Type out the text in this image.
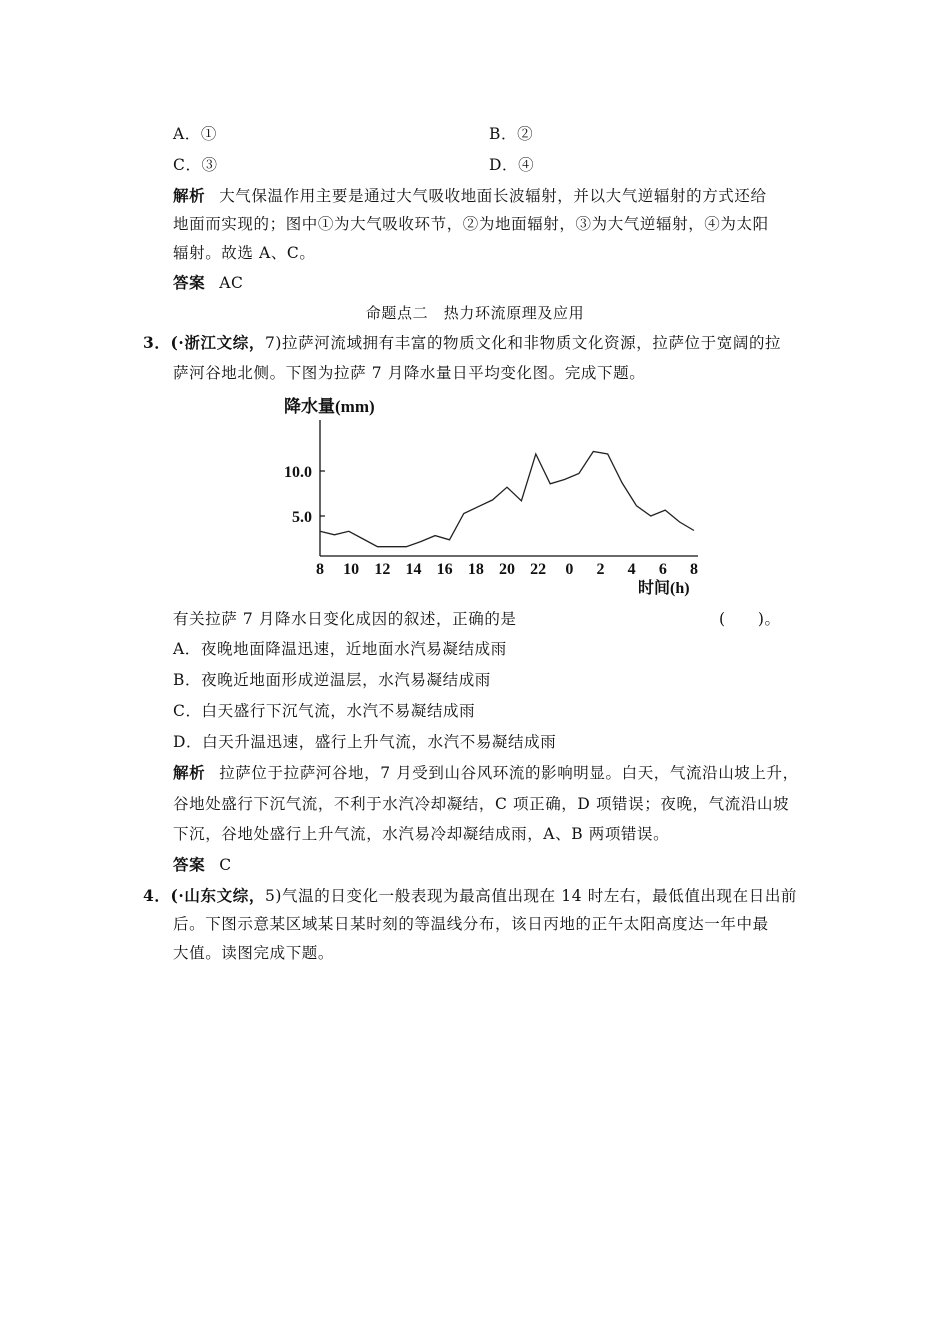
A．①	B．②
C．③	D．④
解析 大气保温作用主要是通过大气吸收地面长波辐射，并以大气逆辐射的方式还给
地面而实现的；图中①为大气吸收环节，②为地面辐射，③为大气逆辐射，④为太阳
辐射。故选 A、C。
答案 AC
命题点二　热力环流原理及应用
3．(·浙江文综，7)拉萨河流域拥有丰富的物质文化和非物质文化资源，拉萨位于宽阔的拉
萨河谷地北侧。下图为拉萨 7 月降水量日平均变化图。完成下题。
降水量(mm)
10.0
5.0
8 10 12 14 16 18 20 22 0 2 4 6 8
时间(h)
有关拉萨 7 月降水日变化成因的叙述，正确的是	(　　)。
A．夜晚地面降温迅速，近地面水汽易凝结成雨
B．夜晚近地面形成逆温层，水汽易凝结成雨
C．白天盛行下沉气流，水汽不易凝结成雨
D．白天升温迅速，盛行上升气流，水汽不易凝结成雨
解析 拉萨位于拉萨河谷地，7 月受到山谷风环流的影响明显。白天，气流沿山坡上升，
谷地处盛行下沉气流，不利于水汽冷却凝结，C 项正确，D 项错误；夜晚，气流沿山坡
下沉，谷地处盛行上升气流，水汽易冷却凝结成雨，A、B 两项错误。
答案 C
4．(·山东文综，5)气温的日变化一般表现为最高值出现在 14 时左右，最低值出现在日出前
后。下图示意某区域某日某时刻的等温线分布，该日丙地的正午太阳高度达一年中最
大值。读图完成下题。
